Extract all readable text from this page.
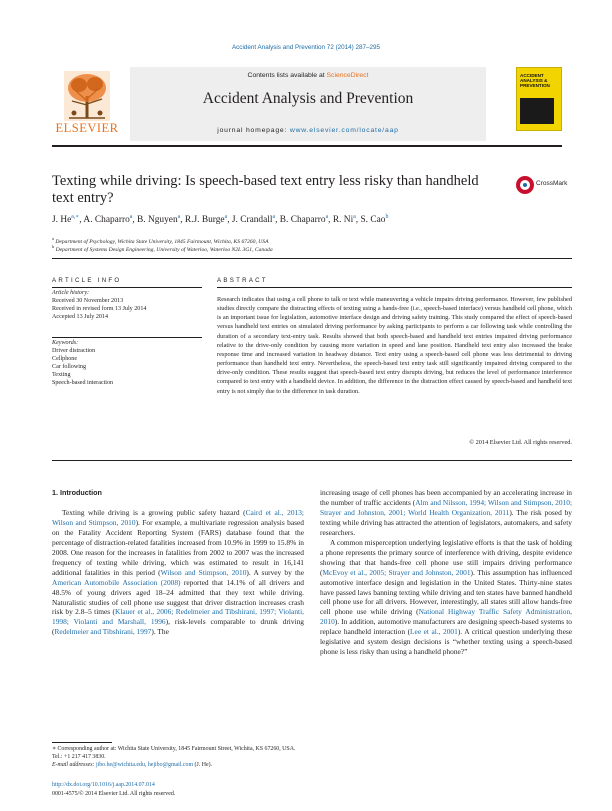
Accident Analysis and Prevention 72 (2014) 287–295
ELSEVIER
Contents lists available at ScienceDirect
Accident Analysis and Prevention
journal homepage: www.elsevier.com/locate/aap
ACCIDENT ANALYSIS & PREVENTION
Texting while driving: Is speech-based text entry less risky than handheld text entry?
CrossMark
J. $He^{a,∗}$, A. Chaparro$^a$, B. Nguyen$^a$, R.J. Burge$^a$, J. Crandall$^a$, B. Chaparro$^a$, R. Ni$^a$, S. Cao$^b$
$^a$ Department of Psychology, Wichita State University, 1845 Fairmount, Wichita, KS 67260, USA
$^b$ Department of Systems Design Engineering, University of Waterloo, Waterloo N2L 3G1, Canada
ARTICLE INFO
Article history:
Received 30 November 2013
Received in revised form 13 July 2014
Accepted 13 July 2014
Keywords:
Driver distraction
Cellphone
Car following
Texting
Speech-based interaction
ABSTRACT
Research indicates that using a cell phone to talk or text while maneuvering a vehicle impairs driving performance. However, few published studies directly compare the distracting effects of texting using a hands-free (i.e., speech-based interface) versus handheld cell phone, which is an important issue for legislation, automotive interface design and driving safety training. This study compared the effect of speech-based versus handheld text entries on simulated driving performance by asking participants to perform a car following task while controlling the duration of a secondary text-entry task. Results showed that both speech-based and handheld text entries impaired driving performance relative to the drive-only condition by causing more variation in speed and lane position. Handheld text entry also increased the brake response time and increased variation in headway distance. Text entry using a speech-based cell phone was less detrimental to driving performance than handheld text entry. Nevertheless, the speech-based text entry task still significantly impaired driving compared to the drive-only condition. These results suggest that speech-based text entry disrupts driving, but reduces the level of performance interference compared to text entry with a handheld device. In addition, the difference in the distraction effect caused by speech-based and handheld text entry is not simply due to the difference in task duration.
© 2014 Elsevier Ltd. All rights reserved.
1. Introduction

Texting while driving is a growing public safety hazard (Caird et al., 2013; Wilson and Stimpson, 2010). For example, a multivariate regression analysis based on the Fatality Accident Reporting System (FARS) database found that the percentage of distraction-related fatalities increased from 10.9% in 1999 to 15.8% in 2008. One reason for the increases in fatalities from 2002 to 2007 was the increased frequency of texting while driving, which was estimated to result in 16,141 additional fatalities in this period (Wilson and Stimpson, 2010). A survey by the American Automobile Association (2008) reported that 14.1% of all drivers and 48.5% of young drivers aged 18–24 admitted that they text while driving. Naturalistic studies of cell phone use suggest that driver distraction increases crash risk by 2.8–5 times (Klauer et al., 2006; Redelmeier and Tibshirani, 1997; Violanti, 1998; Violanti and Marshall, 1996), risk-levels comparable to drunk driving (Redelmeier and Tibshirani, 1997). The

increasing usage of cell phones has been accompanied by an accelerating increase in the number of traffic accidents (Alm and Nilsson, 1994; Wilson and Stimpson, 2010; Strayer and Johnston, 2001; World Health Organization, 2011). The risk posed by texting while driving has attracted the attention of legislators, automakers, and safety researchers.

A common misperception underlying legislative efforts is that the task of holding a phone represents the primary source of interference with driving, despite evidence showing that that hands-free cell phone use still impairs driving performance (McEvoy et al., 2005; Strayer and Johnston, 2001). This assumption has influenced automotive interface design and legislation in the United States. Thirty-nine states have passed laws banning texting while driving and ten states have banned handheld cell phone use for all drivers. However, interestingly, all states still allow hands-free cell phone use while driving (National Highway Traffic Safety Administration, 2010). In addition, automotive manufacturers are designing speech-based systems to replace handheld interaction (Lee et al., 2001). A critical question underlying these legislative and system design decisions is “whether texting using a speech-based phone is less risky than using a handheld phone?”

∗ Corresponding author at: Wichita State University, 1845 Fairmount Street, Wichita, KS 67260, USA. Tel.: +1 217 417 3830.
E-mail addresses: jibo.he@wichita.edu, hejibo@gmail.com (J. He).
http://dx.doi.org/10.1016/j.aap.2014.07.014
0001-4575/© 2014 Elsevier Ltd. All rights reserved.
